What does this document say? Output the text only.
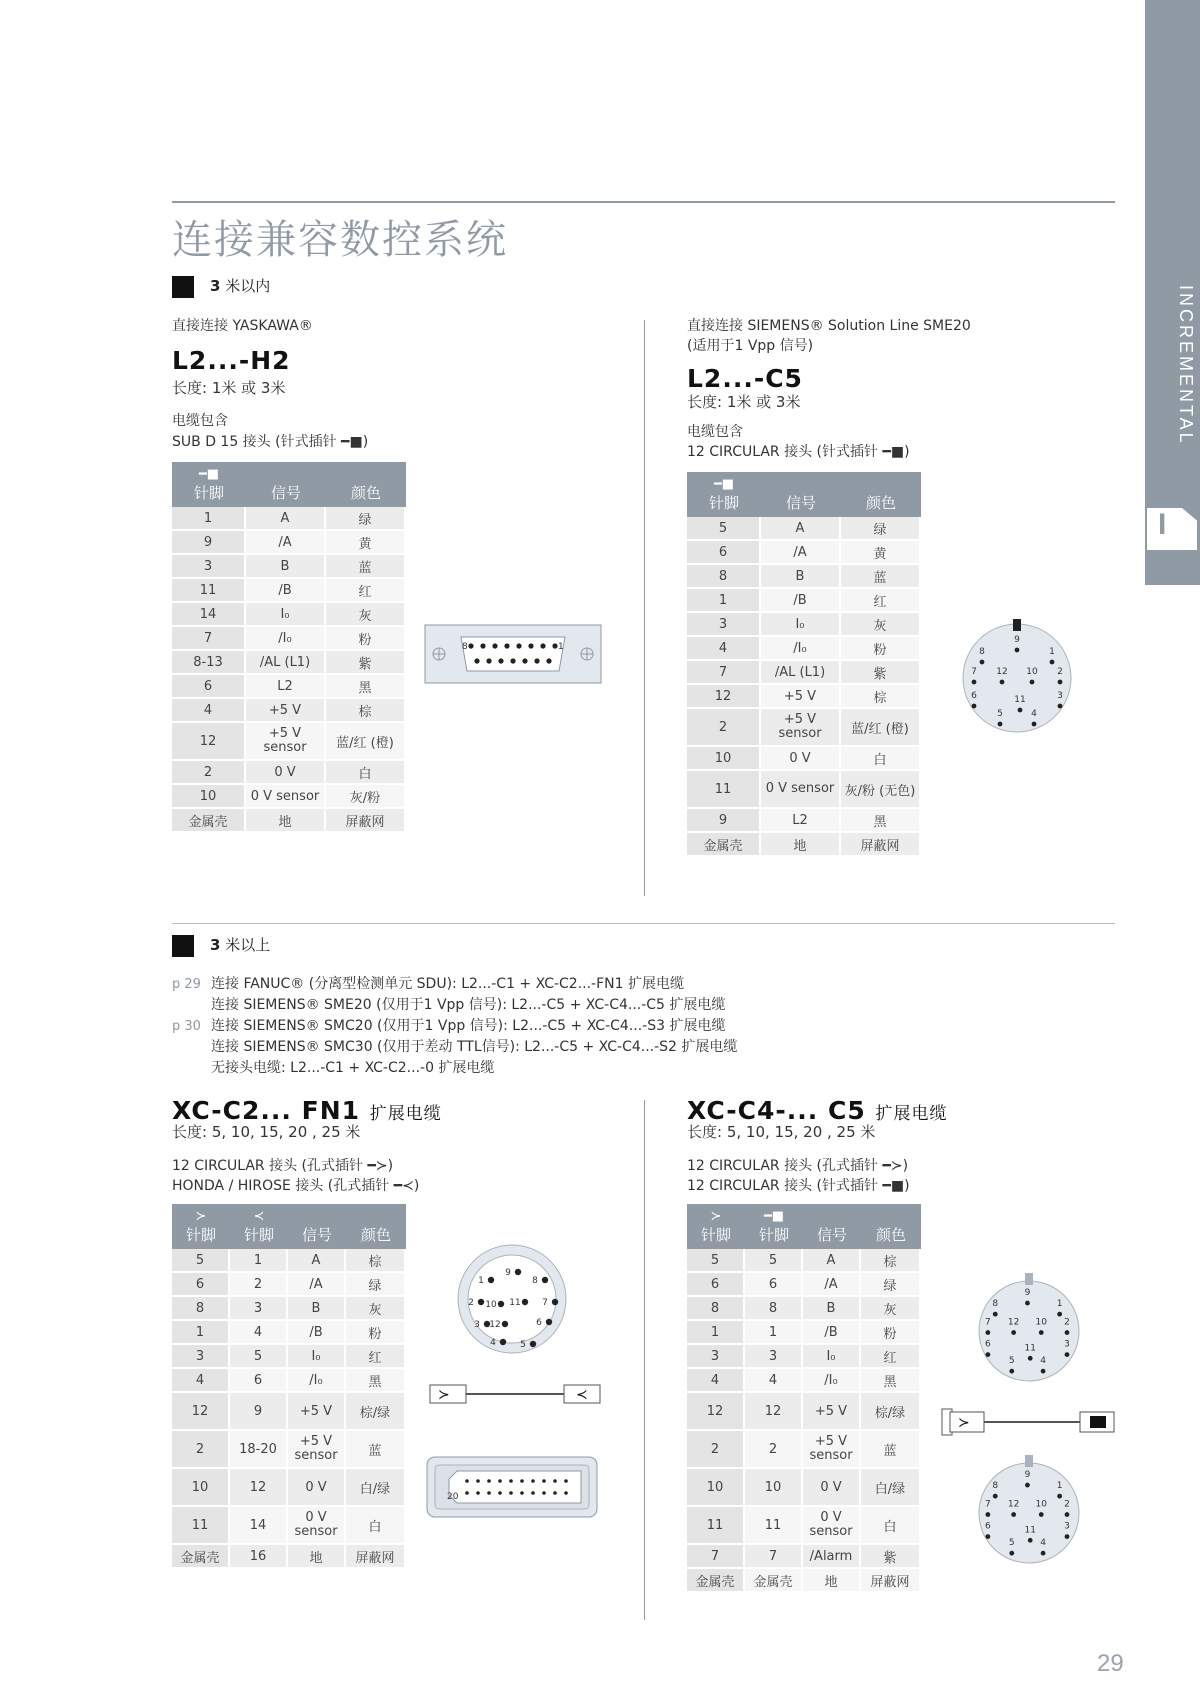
INCREMENTAL
I
连接兼容数控系统
3 米以内
直接连接 YASKAWA®
L2...-H2
长度: 1米 或 3米
电缆包含
SUB D 15 接头 (针式插针 ━■)
━■
针脚	信号	颜色
1	A	绿
9	/A	黄
3	B	蓝
11	/B	红
14	I₀	灰
7	/I₀	粉
8-13	/AL (L1)	紫
6	L2	黑
4	+5 V	棕
12	+5 V sensor	蓝/红 (橙)
2	0 V	白
10	0 V sensor	灰/粉
金属壳	地	屏蔽网
8	1
直接连接 SIEMENS® Solution Line SME20
(适用于1 Vpp 信号)
L2...-C5
长度: 1米 或 3米
电缆包含
12 CIRCULAR 接头 (针式插针 ━■)
━■
针脚	信号	颜色
5	A	绿
6	/A	黄
8	B	蓝
1	/B	红
3	I₀	灰
4	/I₀	粉
7	/AL (L1)	紫
12	+5 V	棕
2	+5 V sensor	蓝/红 (橙)
10	0 V	白
11	0 V sensor	灰/粉 (无色)
9	L2	黑
金属壳	地	屏蔽网
8
9
1
7 12 10 2
6	3
5
11
4
3 米以上
p 29 连接 FANUC® (分离型检测单元 SDU): L2...-C1 + XC-C2...-FN1 扩展电缆
连接 SIEMENS® SME20 (仅用于1 Vpp 信号): L2...-C5 + XC-C4...-C5 扩展电缆
p 30 连接 SIEMENS® SMC20 (仅用于1 Vpp 信号): L2...-C5 + XC-C4...-S3 扩展电缆
连接 SIEMENS® SMC30 (仅用于差动 TTL信号): L2...-C5 + XC-C4...-S2 扩展电缆
无接头电缆: L2...-C1 + XC-C2...-0 扩展电缆
XC-C2... FN1 扩展电缆
长度: 5, 10, 15, 20 , 25 米
12 CIRCULAR 接头 (孔式插针 ━≻)
HONDA / HIROSE 接头 (孔式插针 ━≺)
≻
针脚	≺
针脚	信号	颜色
5	1	A	棕
6	2	/A	绿
8	3	B	灰
1	4	/B	粉
3	5	I₀	红
4	6	/I₀	黑
12	9	+5 V	棕/绿
2	18-20	+5 V sensor	蓝
10	12	0 V	白/绿
11	14	0 V sensor	白
金属壳	16	地	屏蔽网
1
9
8
2 10 11 7
3 12	6
4	5
≻	≺
20
XC-C4-... C5 扩展电缆
长度: 5, 10, 15, 20 , 25 米
12 CIRCULAR 接头 (孔式插针 ━≻)
12 CIRCULAR 接头 (针式插针 ━■)
≻
针脚	━■
针脚	信号	颜色
5	5	A	棕
6	6	/A	绿
8	8	B	灰
1	1	/B	粉
3	3	I₀	红
4	4	/I₀	黑
12	12	+5 V	棕/绿
2	2	+5 V sensor	蓝
10	10	0 V	白/绿
11	11	0 V sensor	白
7	7	/Alarm	紫
金属壳	金属壳	地	屏蔽网
8
9
1
7 12 10 2
6	3
5
11
4
≻
8
9
1
7 12 10 2
6	3
5
11
4
29
